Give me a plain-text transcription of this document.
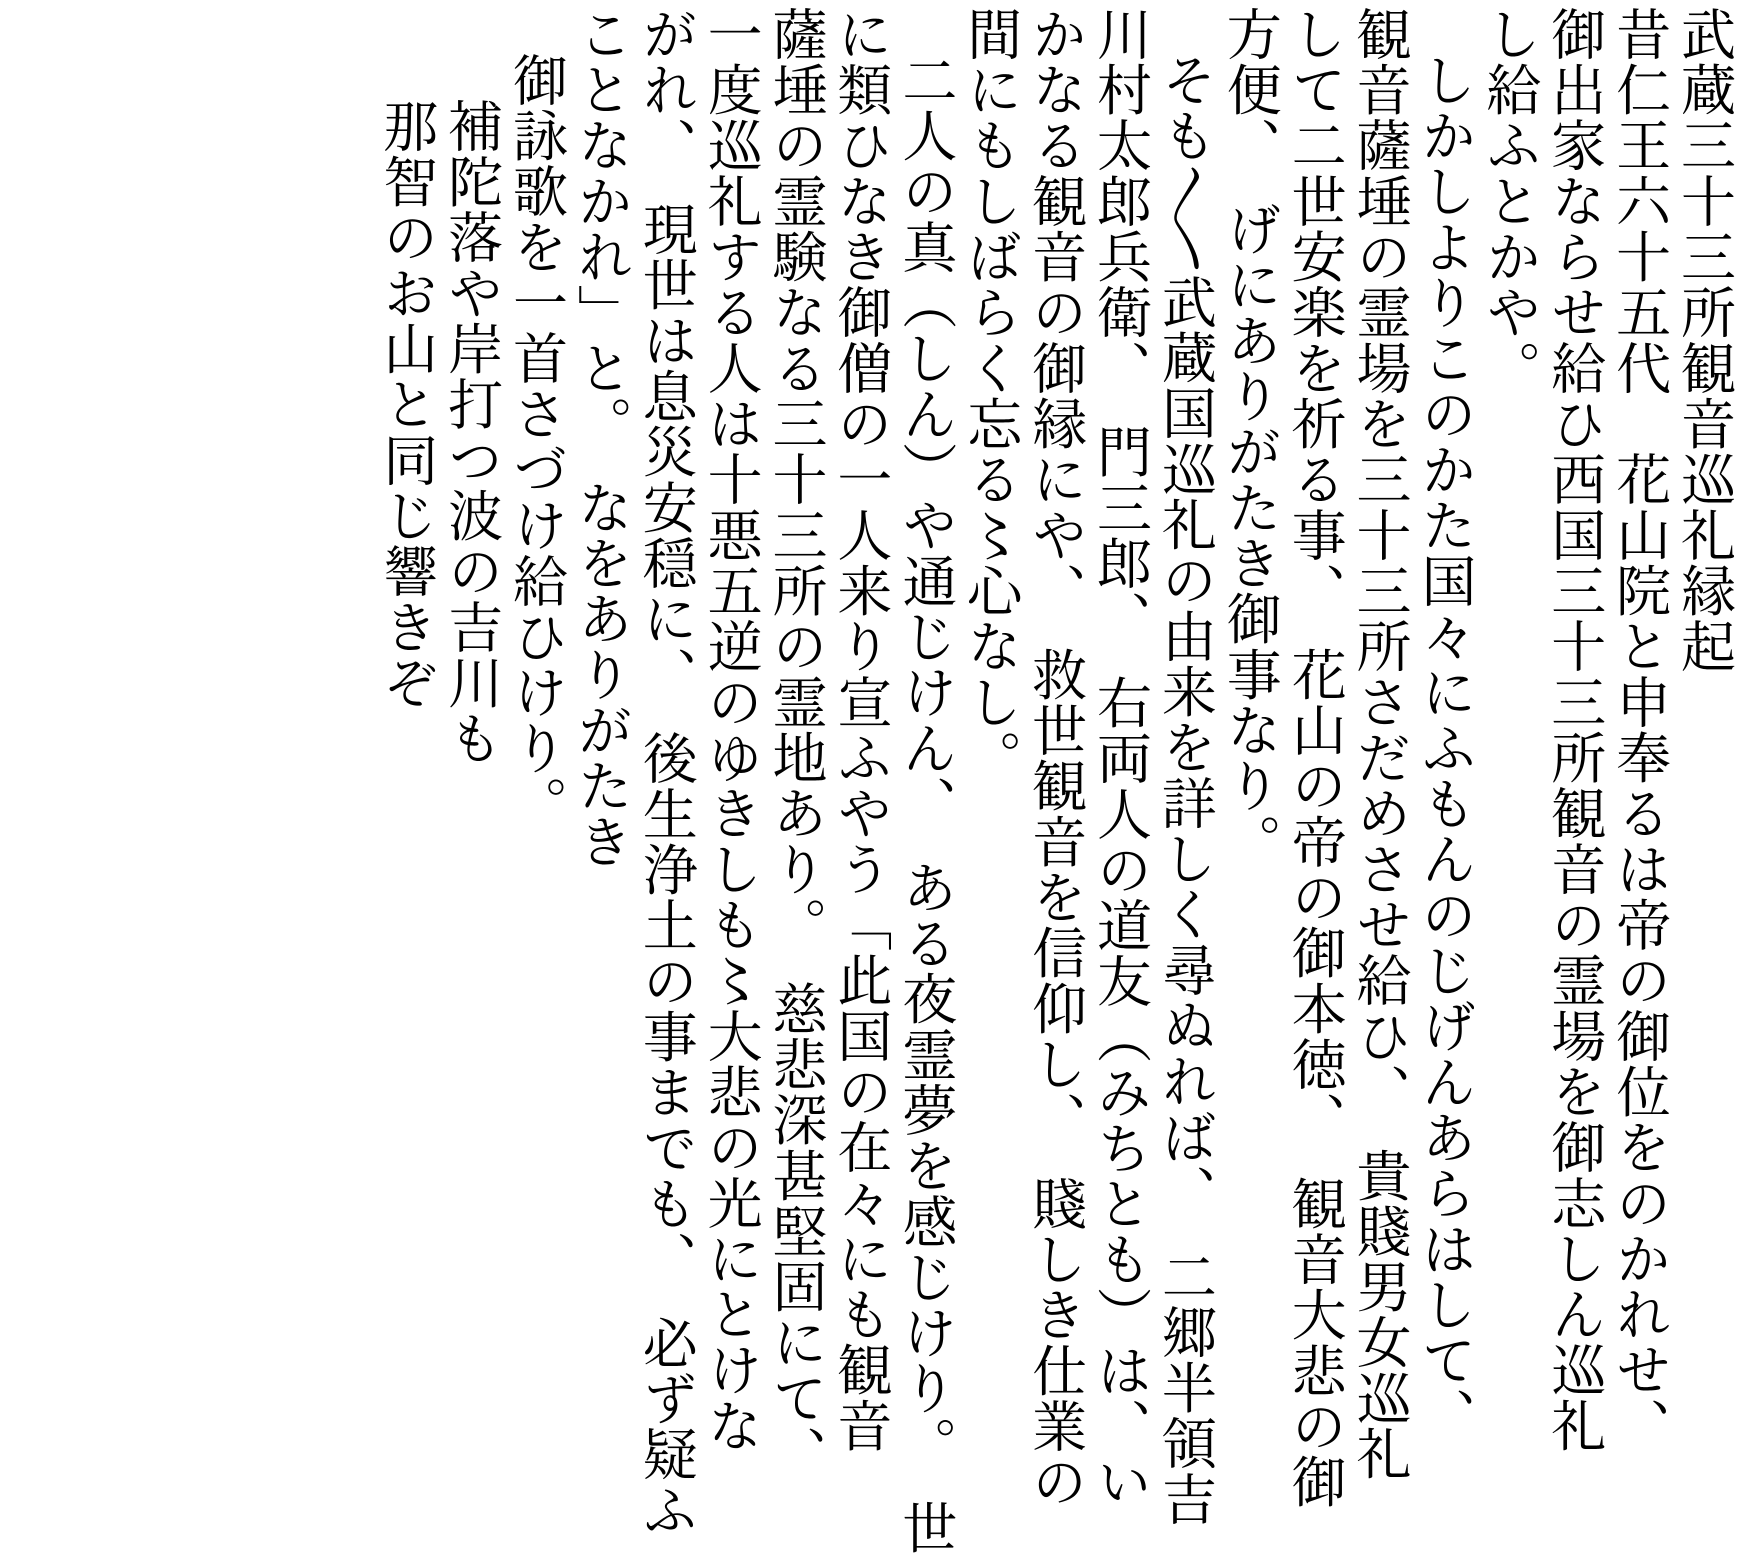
武蔵三十三所観音巡礼縁起
昔仁王六十五代　花山院と申奉るは帝の御位をのかれせ、
御出家ならせ給ひ西国三十三所観音の霊場を御志しん巡礼
し給ふとかや。
しかしよりこのかた国々にふもんのじげんあらはして、
観音薩埵の霊場を三十三所さだめさせ給ひ、　貴賤男女巡礼
して二世安楽を祈る事、　花山の帝の御本徳、　観音大悲の御
方便、　げにありがたき御事なり。
そも〳〵武蔵国巡礼の由来を詳しく尋ぬれば、　二郷半領吉
川村太郎兵衛、　門三郎、　右両人の道友（みちとも）は、い
かなる観音の御縁にや、　救世観音を信仰し、　賤しき仕業の
間にもしばらく忘る〻心なし。
二人の真（しん）や通じけん、　ある夜霊夢を感じけり。　世
に類ひなき御僧の一人来り宣ふやう「此国の在々にも観音
薩埵の霊験なる三十三所の霊地あり。　慈悲深甚堅固にて、
一度巡礼する人は十悪五逆のゆきしも〻大悲の光にとけな
がれ、　現世は息災安穏に、　後生浄土の事までも、　必ず疑ふ
ことなかれ」と。　なをありがたき
御詠歌を一首さづけ給ひけり。
補陀落や岸打つ波の吉川も
那智のお山と同じ響きぞ
